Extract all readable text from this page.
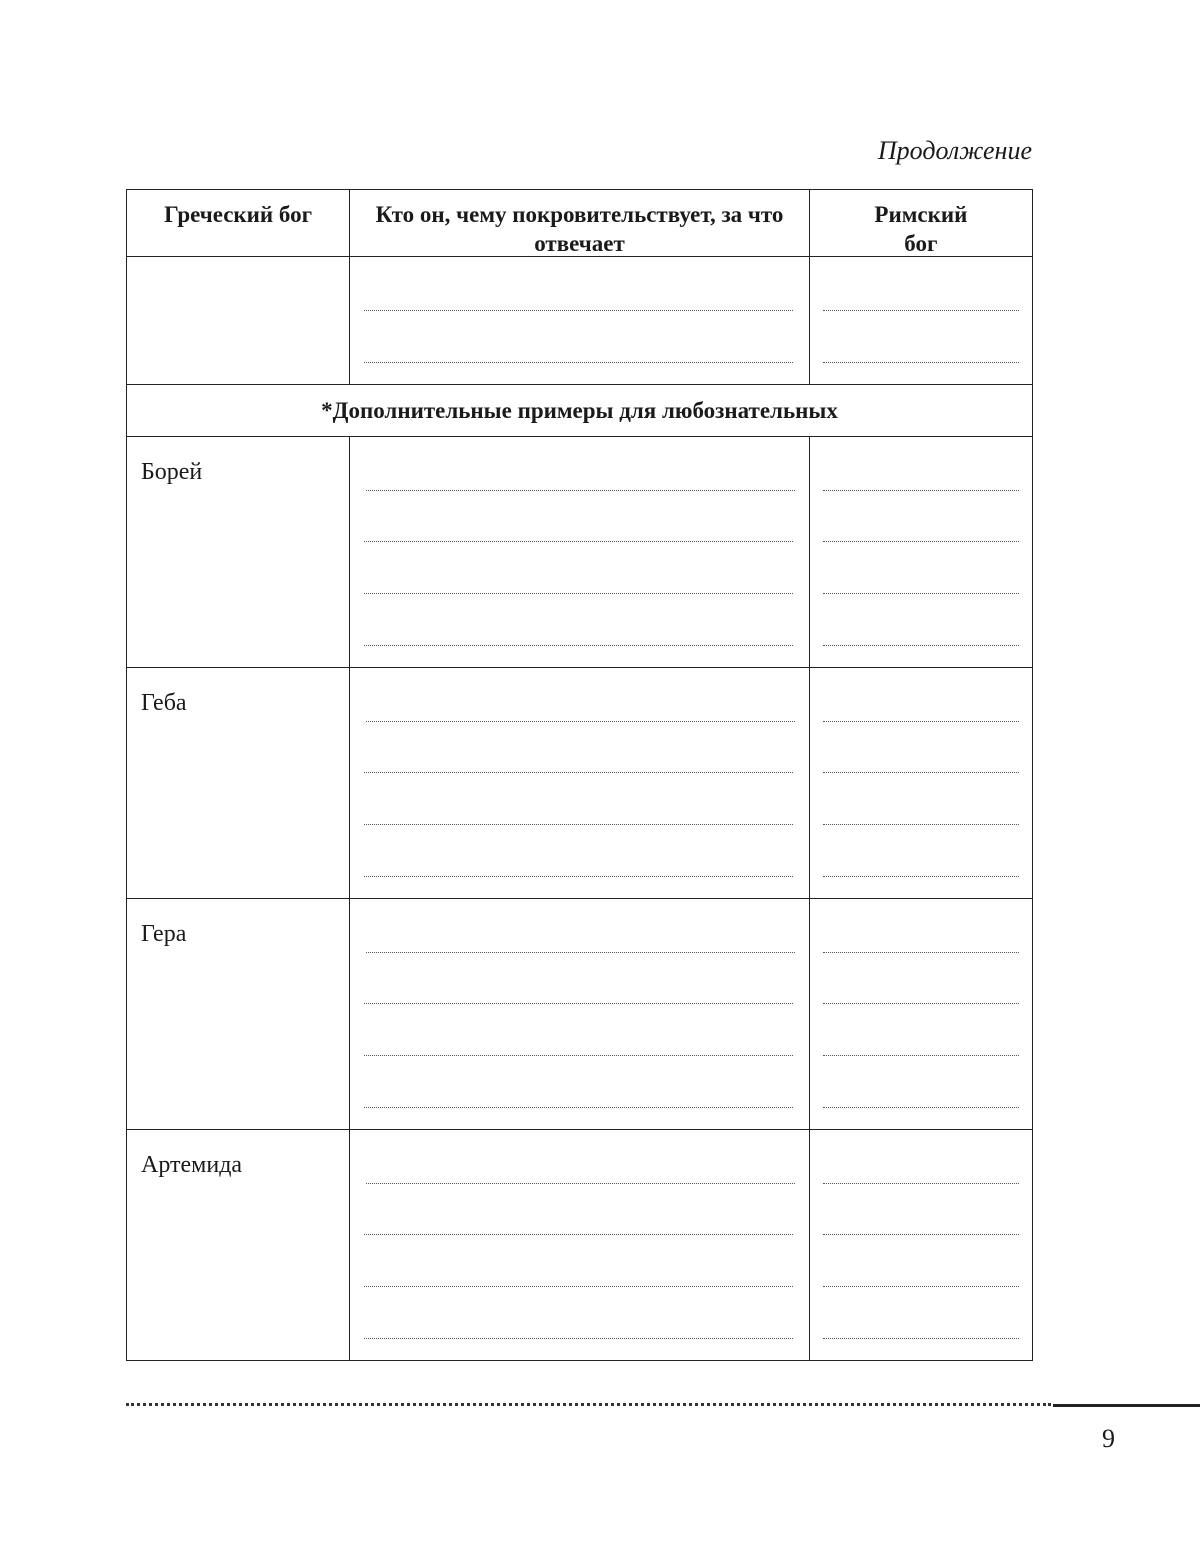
Продолжение
Греческий бог	Кто он, чему покровительствует, за что отвечает	Римский бог

*Дополнительные примеры для любознательных		

Борей		

Геба		

Гера		

Артемида		

9
